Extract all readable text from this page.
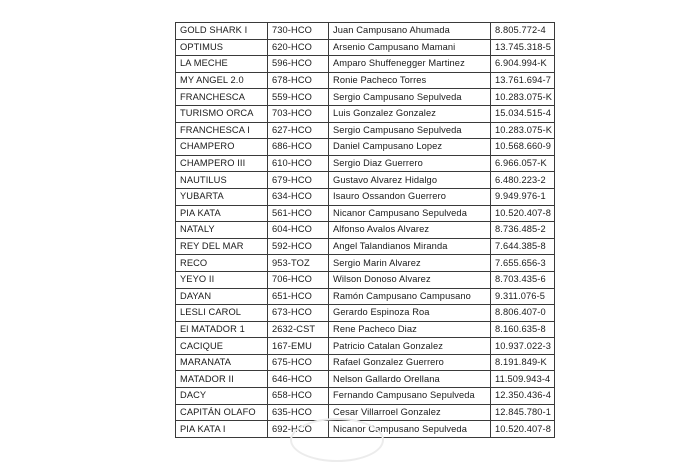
GOLD SHARK I	730-HCO	Juan Campusano Ahumada	8.805.772-4
OPTIMUS	620-HCO	Arsenio Campusano Mamani	13.745.318-5
LA MECHE	596-HCO	Amparo Shuffenegger Martinez	6.904.994-K
MY ANGEL 2.0	678-HCO	Ronie Pacheco Torres	13.761.694-7
FRANCHESCA	559-HCO	Sergio Campusano Sepulveda	10.283.075-K
TURISMO ORCA	703-HCO	Luis Gonzalez Gonzalez	15.034.515-4
FRANCHESCA I	627-HCO	Sergio Campusano Sepulveda	10.283.075-K
CHAMPERO	686-HCO	Daniel Campusano Lopez	10.568.660-9
CHAMPERO III	610-HCO	Sergio Diaz Guerrero	6.966.057-K
NAUTILUS	679-HCO	Gustavo Alvarez Hidalgo	6.480.223-2
YUBARTA	634-HCO	Isauro Ossandon Guerrero	9.949.976-1
PIA KATA	561-HCO	Nicanor Campusano Sepulveda	10.520.407-8
NATALY	604-HCO	Alfonso Avalos Alvarez	8.736.485-2
REY DEL MAR	592-HCO	Angel Talandianos Miranda	7.644.385-8
RECO	953-TOZ	Sergio Marin Alvarez	7.655.656-3
YEYO II	706-HCO	Wilson Donoso Alvarez	8.703.435-6
DAYAN	651-HCO	Ramón Campusano Campusano	9.311.076-5
LESLI CAROL	673-HCO	Gerardo Espinoza Roa	8.806.407-0
El MATADOR 1	2632-CST	Rene Pacheco Diaz	8.160.635-8
CACIQUE	167-EMU	Patricio Catalan Gonzalez	10.937.022-3
MARANATA	675-HCO	Rafael Gonzalez Guerrero	8.191.849-K
MATADOR II	646-HCO	Nelson Gallardo Orellana	11.509.943-4
DACY	658-HCO	Fernando Campusano Sepulveda	12.350.436-4
CAPITÁN OLAFO	635-HCO	Cesar Villarroel Gonzalez	12.845.780-1
PIA KATA I	692-HCO	Nicanor Campusano Sepulveda	10.520.407-8
